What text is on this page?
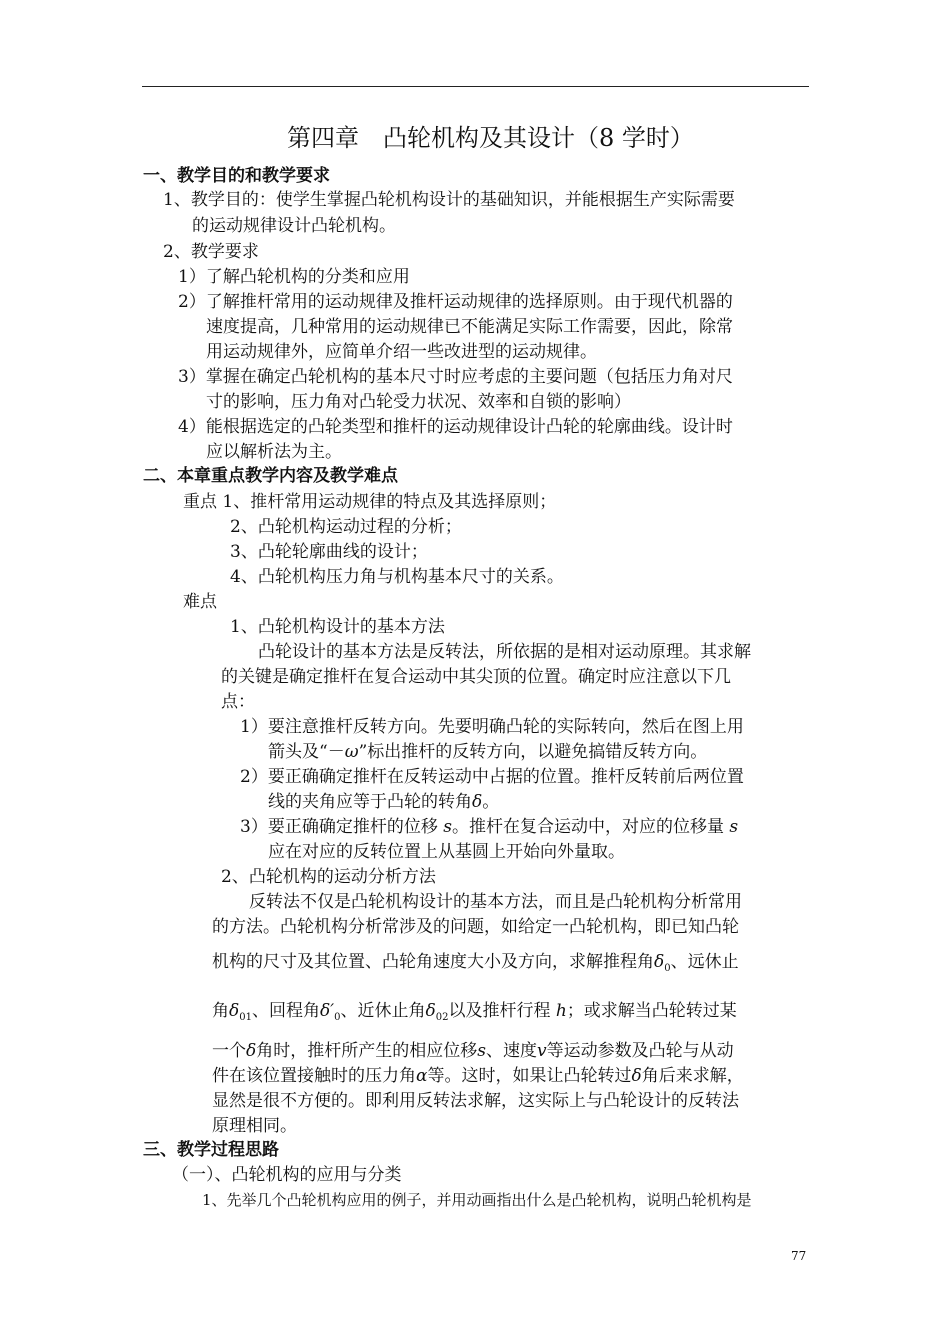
第四章　凸轮机构及其设计（8 学时）
一、教学目的和教学要求
1、教学目的：使学生掌握凸轮机构设计的基础知识，并能根据生产实际需要
的运动规律设计凸轮机构。
2、教学要求
1）了解凸轮机构的分类和应用
2）了解推杆常用的运动规律及推杆运动规律的选择原则。由于现代机器的
速度提高，几种常用的运动规律已不能满足实际工作需要，因此，除常
用运动规律外，应简单介绍一些改进型的运动规律。
3）掌握在确定凸轮机构的基本尺寸时应考虑的主要问题（包括压力角对尺
寸的影响，压力角对凸轮受力状况、效率和自锁的影响）
4）能根据选定的凸轮类型和推杆的运动规律设计凸轮的轮廓曲线。设计时
应以解析法为主。
二、本章重点教学内容及教学难点
重点 1、推杆常用运动规律的特点及其选择原则；
2、凸轮机构运动过程的分析；
3、凸轮轮廓曲线的设计；
4、凸轮机构压力角与机构基本尺寸的关系。
难点
1、凸轮机构设计的基本方法
凸轮设计的基本方法是反转法，所依据的是相对运动原理。其求解
的关键是确定推杆在复合运动中其尖顶的位置。确定时应注意以下几
点：
1）要注意推杆反转方向。先要明确凸轮的实际转向，然后在图上用
箭头及“－ω”标出推杆的反转方向，以避免搞错反转方向。
2）要正确确定推杆在反转运动中占据的位置。推杆反转前后两位置
线的夹角应等于凸轮的转角δ。
3）要正确确定推杆的位移 s。推杆在复合运动中，对应的位移量 s
应在对应的反转位置上从基圆上开始向外量取。
2、凸轮机构的运动分析方法
反转法不仅是凸轮机构设计的基本方法，而且是凸轮机构分析常用
的方法。凸轮机构分析常涉及的问题，如给定一凸轮机构，即已知凸轮
机构的尺寸及其位置、凸轮角速度大小及方向，求解推程角$\delta_0$、远休止
角$\delta_{01}$、回程角$\delta'_0$、近休止角$\delta_{02}$以及推杆行程 h；或求解当凸轮转过某
一个δ角时，推杆所产生的相应位移s、速度v等运动参数及凸轮与从动
件在该位置接触时的压力角α等。这时，如果让凸轮转过δ角后来求解，
显然是很不方便的。即利用反转法求解，这实际上与凸轮设计的反转法
原理相同。
三、教学过程思路
（一）、凸轮机构的应用与分类
1、先举几个凸轮机构应用的例子，并用动画指出什么是凸轮机构，说明凸轮机构是
77
